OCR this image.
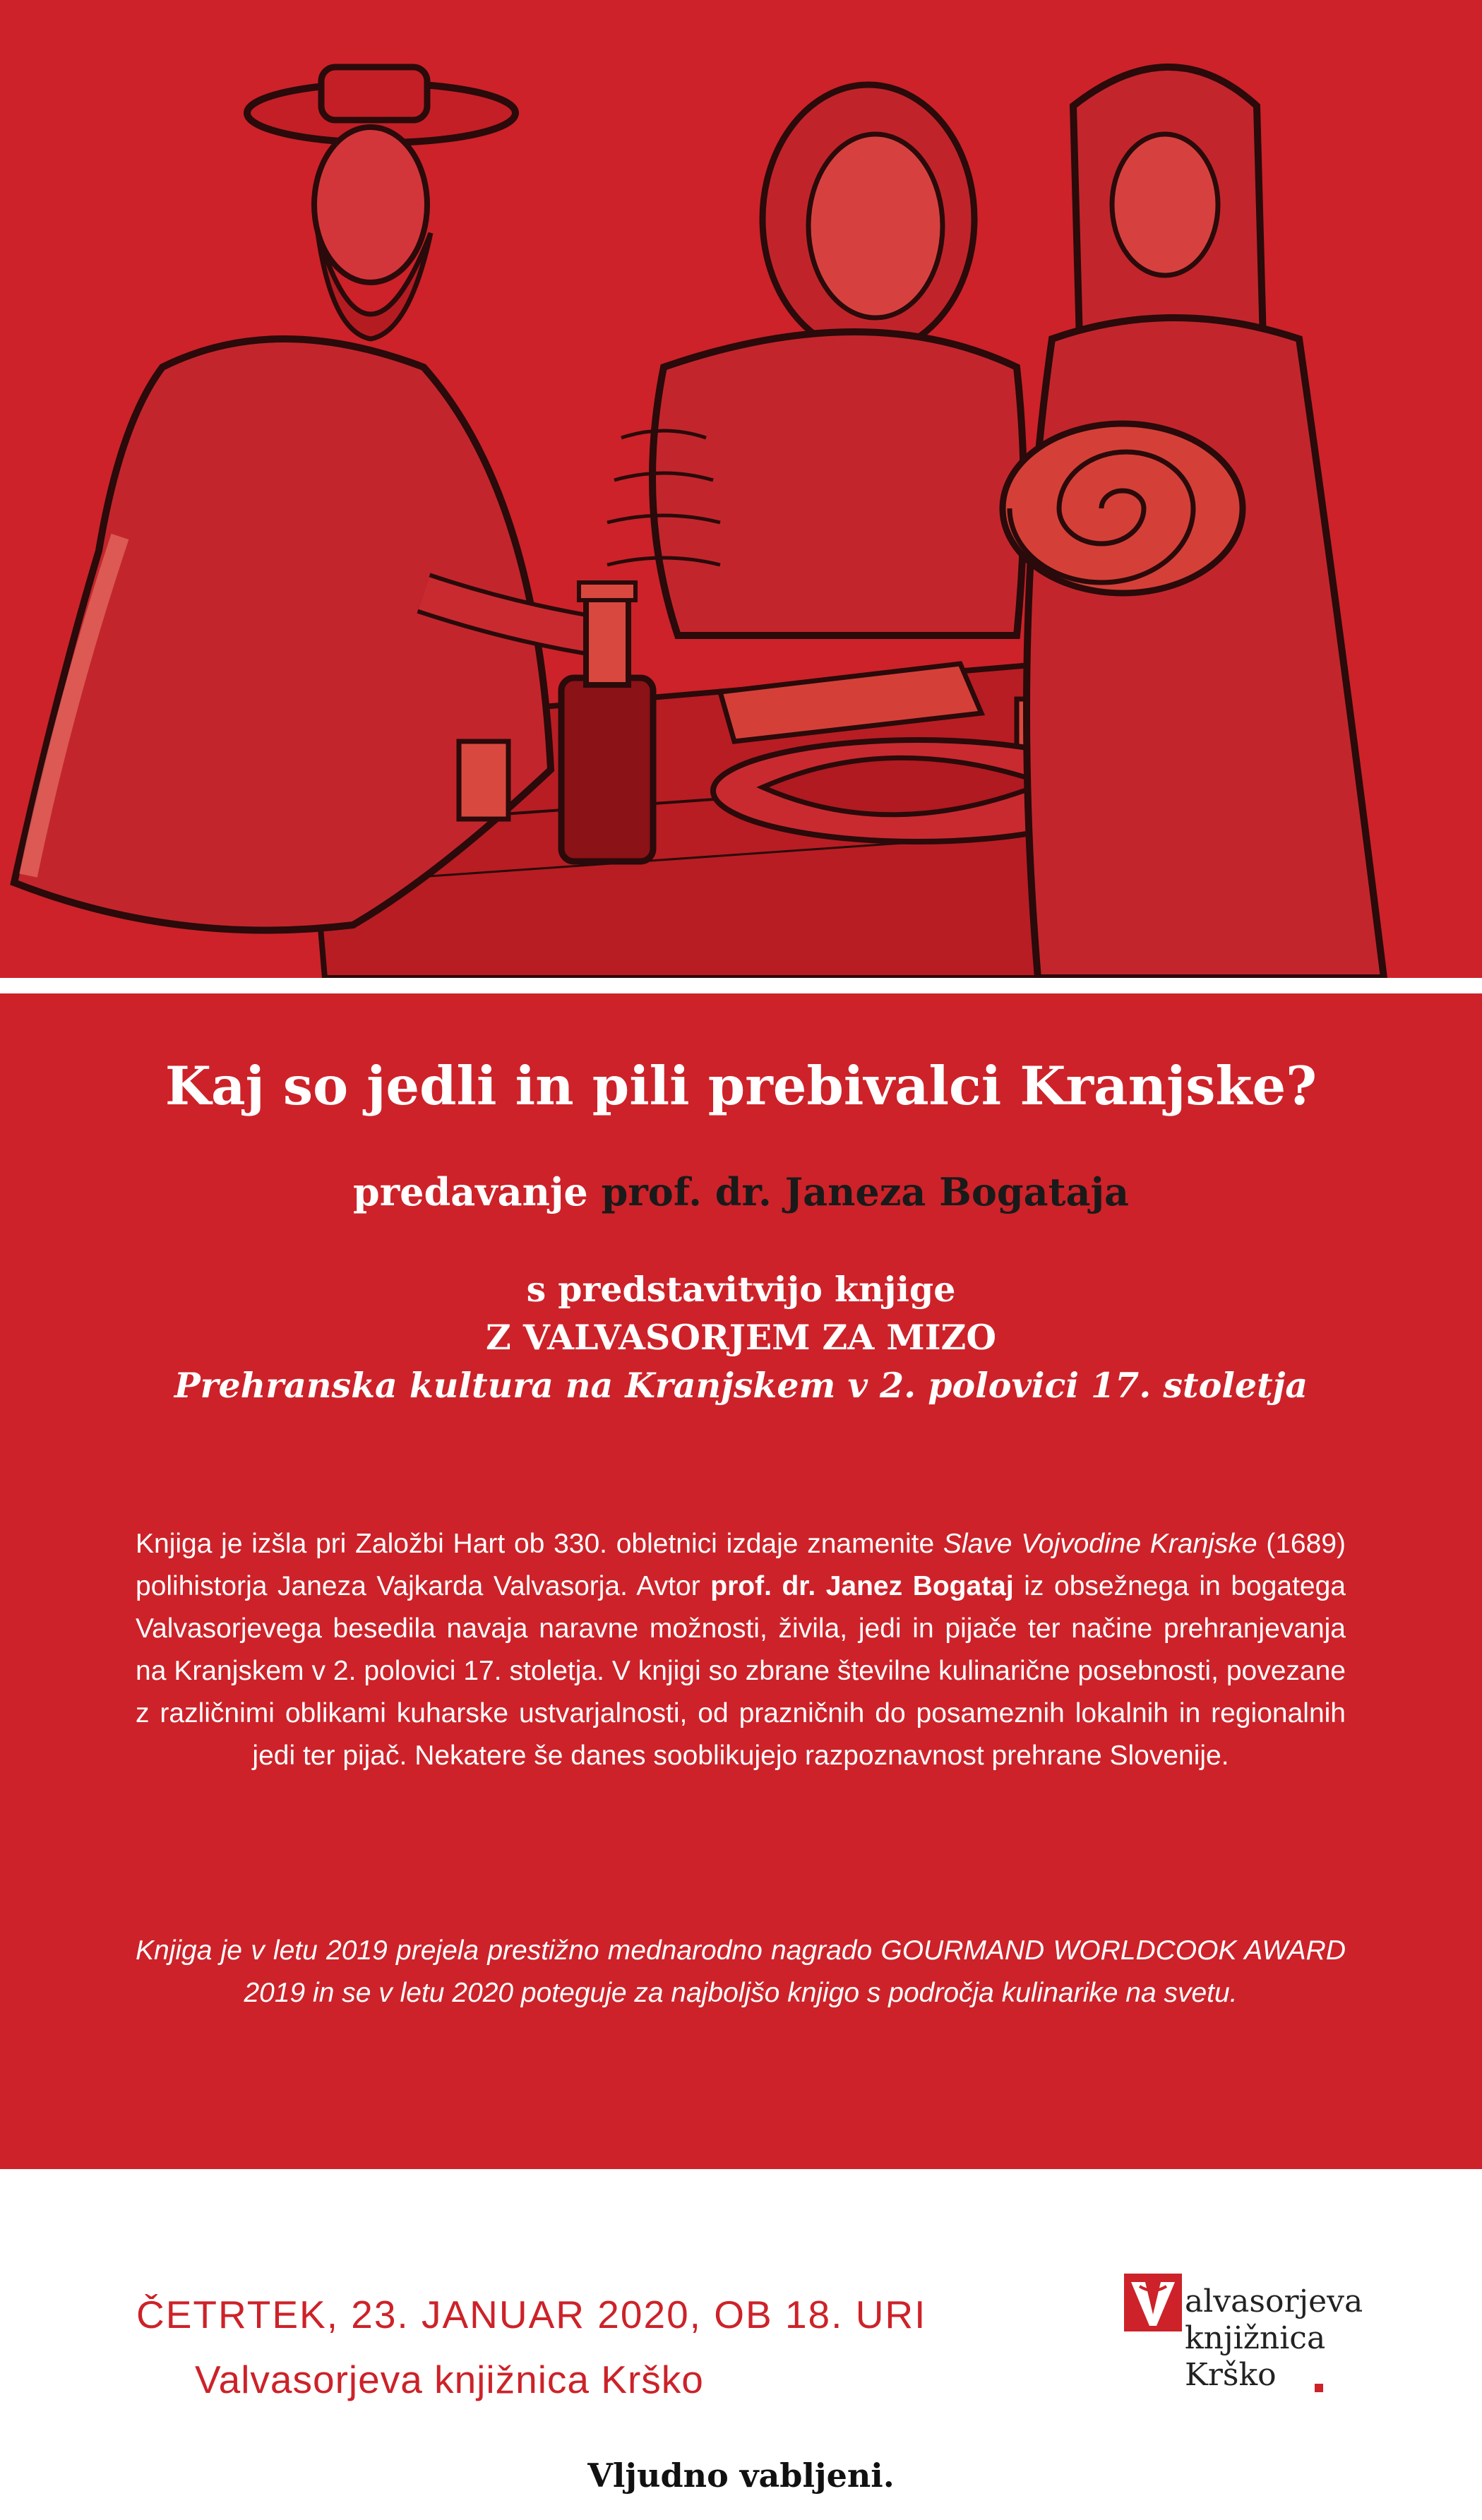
Kaj so jedli in pili prebivalci Kranjske?

predavanje prof. dr. Janeza Bogataja

s predstavitvijo knjige
Z VALVASORJEM ZA MIZO
Prehranska kultura na Kranjskem v 2. polovici 17. stoletja

Knjiga je izšla pri Založbi Hart ob 330. obletnici izdaje znamenite Slave Vojvodine Kranjske (1689) polihistorja Janeza Vajkarda Valvasorja. Avtor prof. dr. Janez Bogataj iz obsežnega in bogatega Valvasorjevega besedila navaja naravne možnosti, živila, jedi in pijače ter načine prehranjevanja na Kranjskem v 2. polovici 17. stoletja. V knjigi so zbrane številne kulinarične posebnosti, povezane z različnimi oblikami kuharske ustvarjalnosti, od prazničnih do posameznih lokalnih in regionalnih jedi ter pijač. Nekatere še danes sooblikujejo razpoznavnost prehrane Slovenije.

Knjiga je v letu 2019 prejela prestižno mednarodno nagrado GOURMAND WORLDCOOK AWARD 2019 in se v letu 2020 poteguje za najboljšo knjigo s področja kulinarike na svetu.

ČETRTEK, 23. JANUAR 2020, OB 18. URI

Valvasorjeva knjižnica Krško

alvasorjeva
knjižnica
Krško

Vljudno vabljeni.
